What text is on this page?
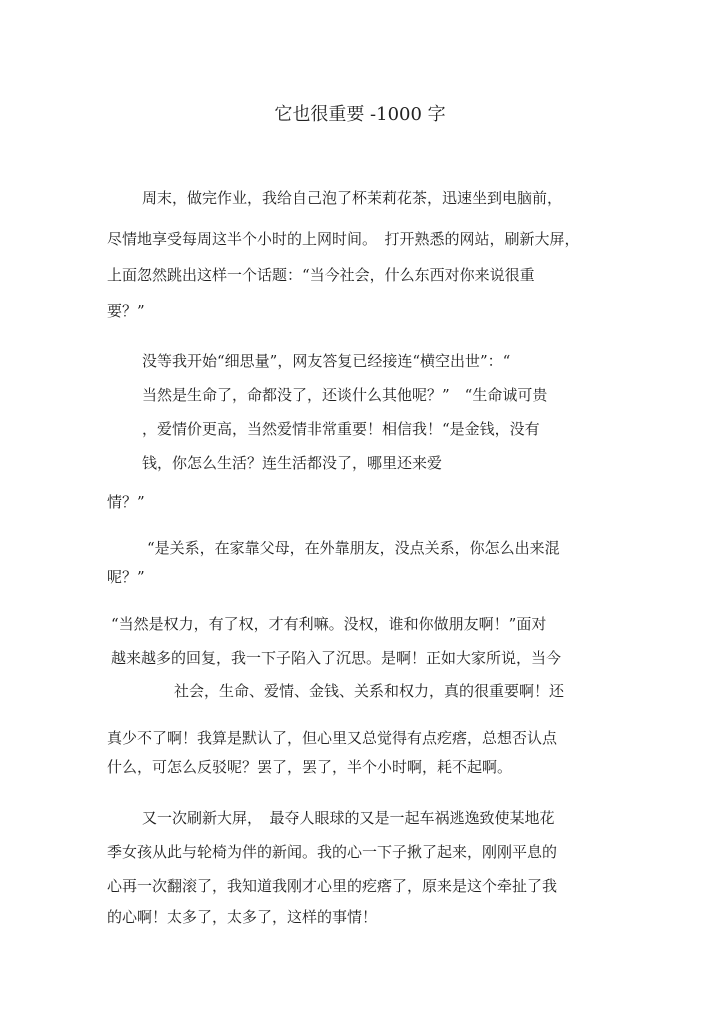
它也很重要 -1000 字
周末，做完作业，我给自己泡了杯茉莉花茶，迅速坐到电脑前，
尽情地享受每周这半个小时的上网时间。　打开熟悉的网站，刷新大屏，
上面忽然跳出这样一个话题：“当今社会，什么东西对你来说很重
要？”
没等我开始“细思量”，网友答复已经接连“横空出世”：“
当然是生命了，命都没了，还谈什么其他呢？”　“生命诚可贵
，爱情价更高，当然爱情非常重要！相信我！“是金钱，没有
钱，你怎么生活？连生活都没了，哪里还来爱
情？”
“是关系，在家靠父母，在外靠朋友，没点关系，你怎么出来混
呢？”
“当然是权力，有了权，才有利嘛。没权，谁和你做朋友啊！”面对
越来越多的回复，我一下子陷入了沉思。是啊！正如大家所说，当今
社会，生命、爱情、金钱、关系和权力，真的很重要啊！还
真少不了啊！我算是默认了，但心里又总觉得有点疙瘩，总想否认点
什么，可怎么反驳呢？罢了，罢了，半个小时啊，耗不起啊。
又一次刷新大屏，　最夺人眼球的又是一起车祸逃逸致使某地花
季女孩从此与轮椅为伴的新闻。我的心一下子揪了起来，刚刚平息的
心再一次翻滚了，我知道我刚才心里的疙瘩了，原来是这个牵扯了我
的心啊！太多了，太多了，这样的事情！
